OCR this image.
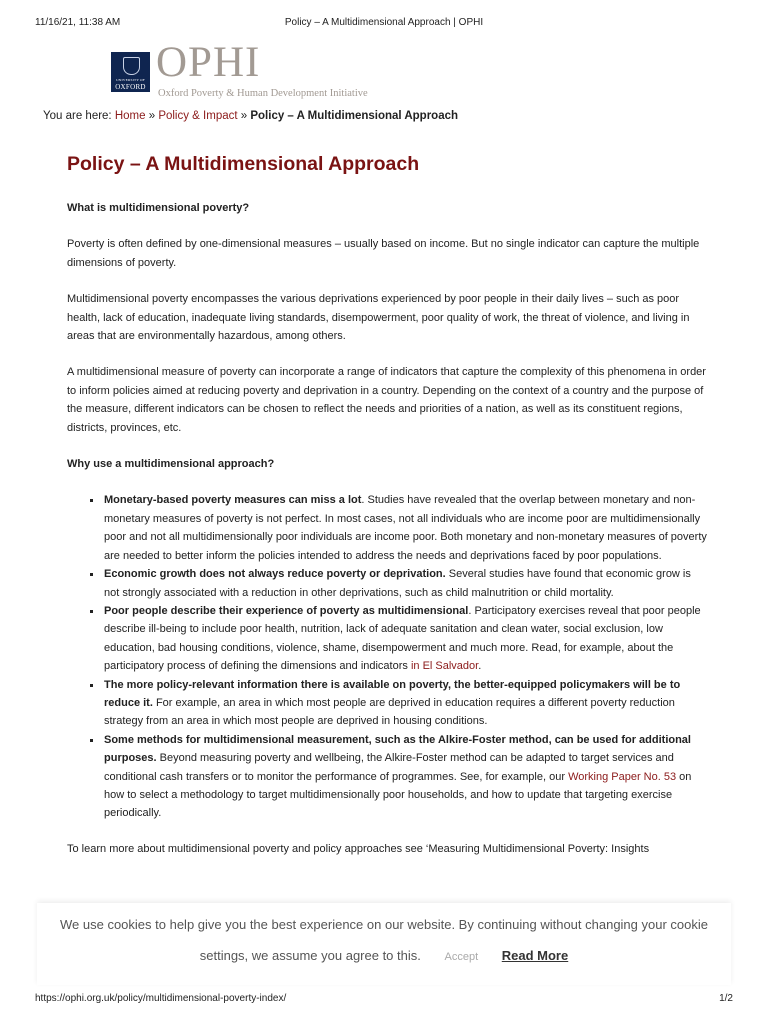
11/16/21, 11:38 AM	Policy – A Multidimensional Approach | OPHI
UNIVERSITY OF
OXFORD
OPHI
Oxford Poverty & Human Development Initiative
You are here: Home » Policy & Impact » Policy – A Multidimensional Approach
Policy – A Multidimensional Approach

What is multidimensional poverty?

Poverty is often defined by one-dimensional measures – usually based on income. But no single indicator can capture the multiple dimensions of poverty.

Multidimensional poverty encompasses the various deprivations experienced by poor people in their daily lives – such as poor health, lack of education, inadequate living standards, disempowerment, poor quality of work, the threat of violence, and living in areas that are environmentally hazardous, among others.

A multidimensional measure of poverty can incorporate a range of indicators that capture the complexity of this phenomena in order to inform policies aimed at reducing poverty and deprivation in a country. Depending on the context of a country and the purpose of the measure, different indicators can be chosen to reflect the needs and priorities of a nation, as well as its constituent regions, districts, provinces, etc.

Why use a multidimensional approach?

Monetary-based poverty measures can miss a lot. Studies have revealed that the overlap between monetary and non-monetary measures of poverty is not perfect. In most cases, not all individuals who are income poor are multidimensionally poor and not all multidimensionally poor individuals are income poor. Both monetary and non-monetary measures of poverty are needed to better inform the policies intended to address the needs and deprivations faced by poor populations.
Economic growth does not always reduce poverty or deprivation. Several studies have found that economic grow is not strongly associated with a reduction in other deprivations, such as child malnutrition or child mortality.
Poor people describe their experience of poverty as multidimensional. Participatory exercises reveal that poor people describe ill-being to include poor health, nutrition, lack of adequate sanitation and clean water, social exclusion, low education, bad housing conditions, violence, shame, disempowerment and much more. Read, for example, about the participatory process of defining the dimensions and indicators in El Salvador.
The more policy-relevant information there is available on poverty, the better-equipped policymakers will be to reduce it. For example, an area in which most people are deprived in education requires a different poverty reduction strategy from an area in which most people are deprived in housing conditions.
Some methods for multidimensional measurement, such as the Alkire-Foster method, can be used for additional purposes. Beyond measuring poverty and wellbeing, the Alkire-Foster method can be adapted to target services and conditional cash transfers or to monitor the performance of programmes. See, for example, our Working Paper No. 53 on how to select a methodology to target multidimensionally poor households, and how to update that targeting exercise periodically.

To learn more about multidimensional poverty and policy approaches see ‘Measuring Multidimensional Poverty: Insights

We use cookies to help give you the best experience on our website. By continuing without changing your cookie
settings, we assume you agree to this. Accept Read More
https://ophi.org.uk/policy/multidimensional-poverty-index/	1/2
